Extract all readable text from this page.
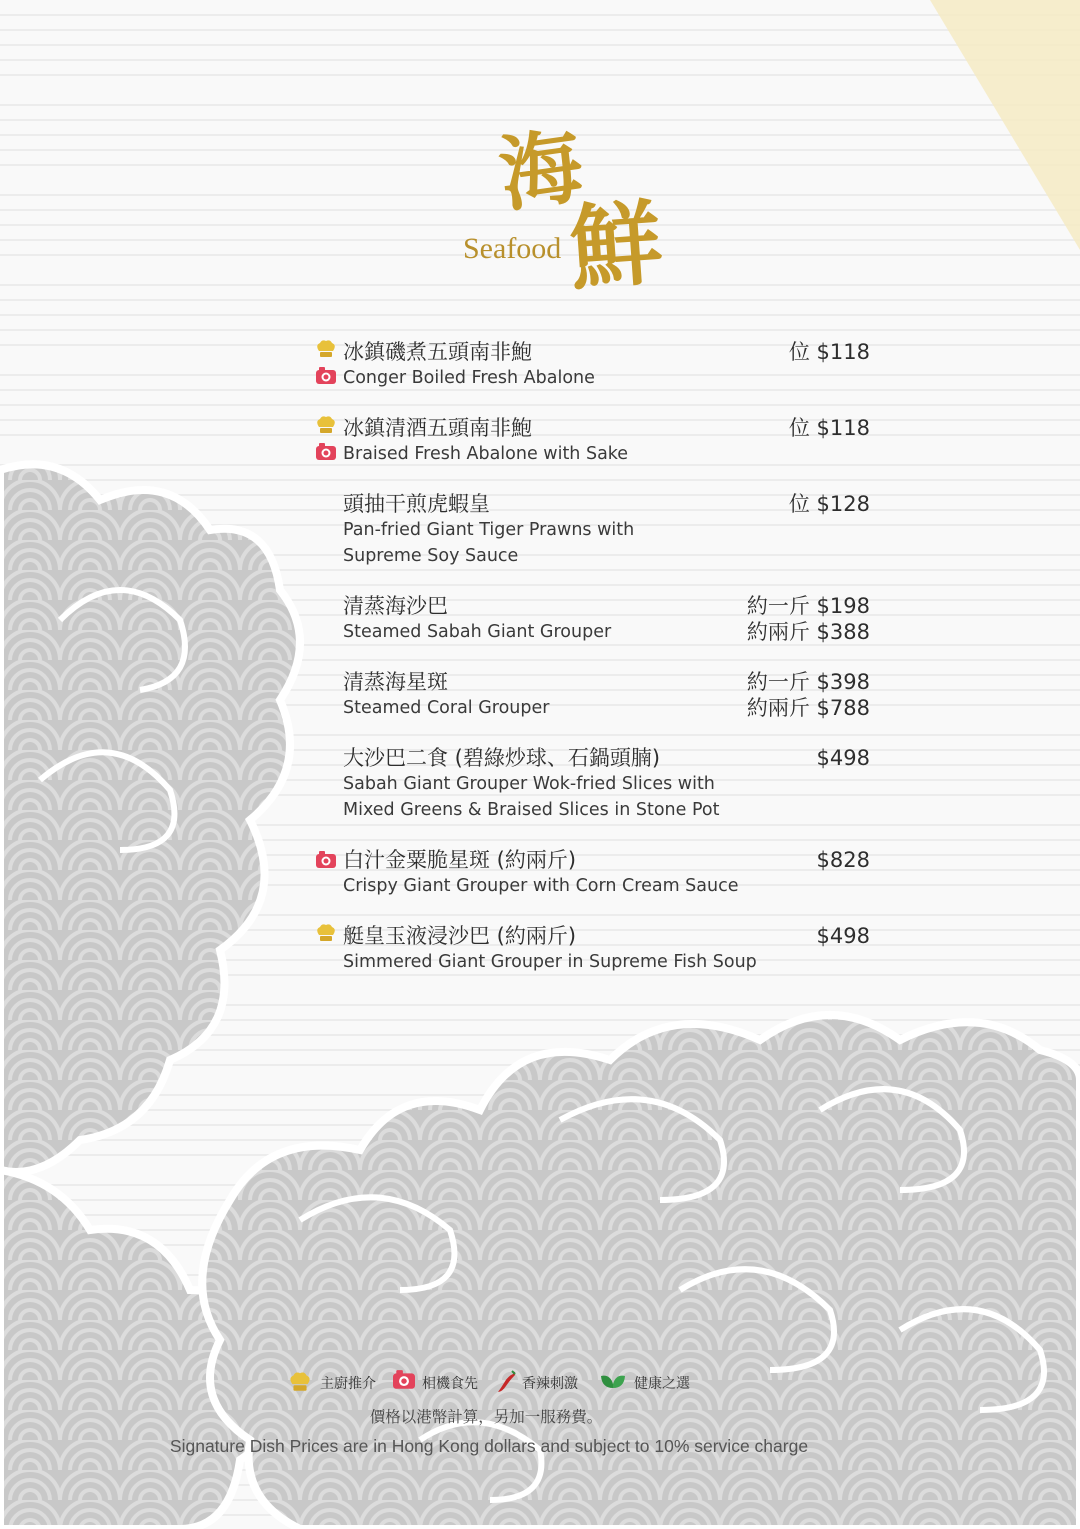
海
鮮
Seafood
冰鎮磯煮五頭南非鮑
Conger Boiled Fresh Abalone
位 $118
冰鎮清酒五頭南非鮑
Braised Fresh Abalone with Sake
位 $118
頭抽干煎虎蝦皇
Pan-fried Giant Tiger Prawns with
Supreme Soy Sauce
位 $128
清蒸海沙巴
Steamed Sabah Giant Grouper
約一斤 $198
約兩斤 $388
清蒸海星斑
Steamed Coral Grouper
約一斤 $398
約兩斤 $788
大沙巴二食 (碧綠炒球、石鍋頭腩)
Sabah Giant Grouper Wok-fried Slices with
Mixed Greens & Braised Slices in Stone Pot
$498
白汁金粟脆星斑 (約兩斤)
Crispy Giant Grouper with Corn Cream Sauce
$828
艇皇玉液浸沙巴 (約兩斤)
Simmered Giant Grouper in Supreme Fish Soup
$498
主廚推介	相機食先	香辣刺激	健康之選
價格以港幣計算，另加一服務費。
Signature Dish Prices are in Hong Kong dollars and subject to 10% service charge
